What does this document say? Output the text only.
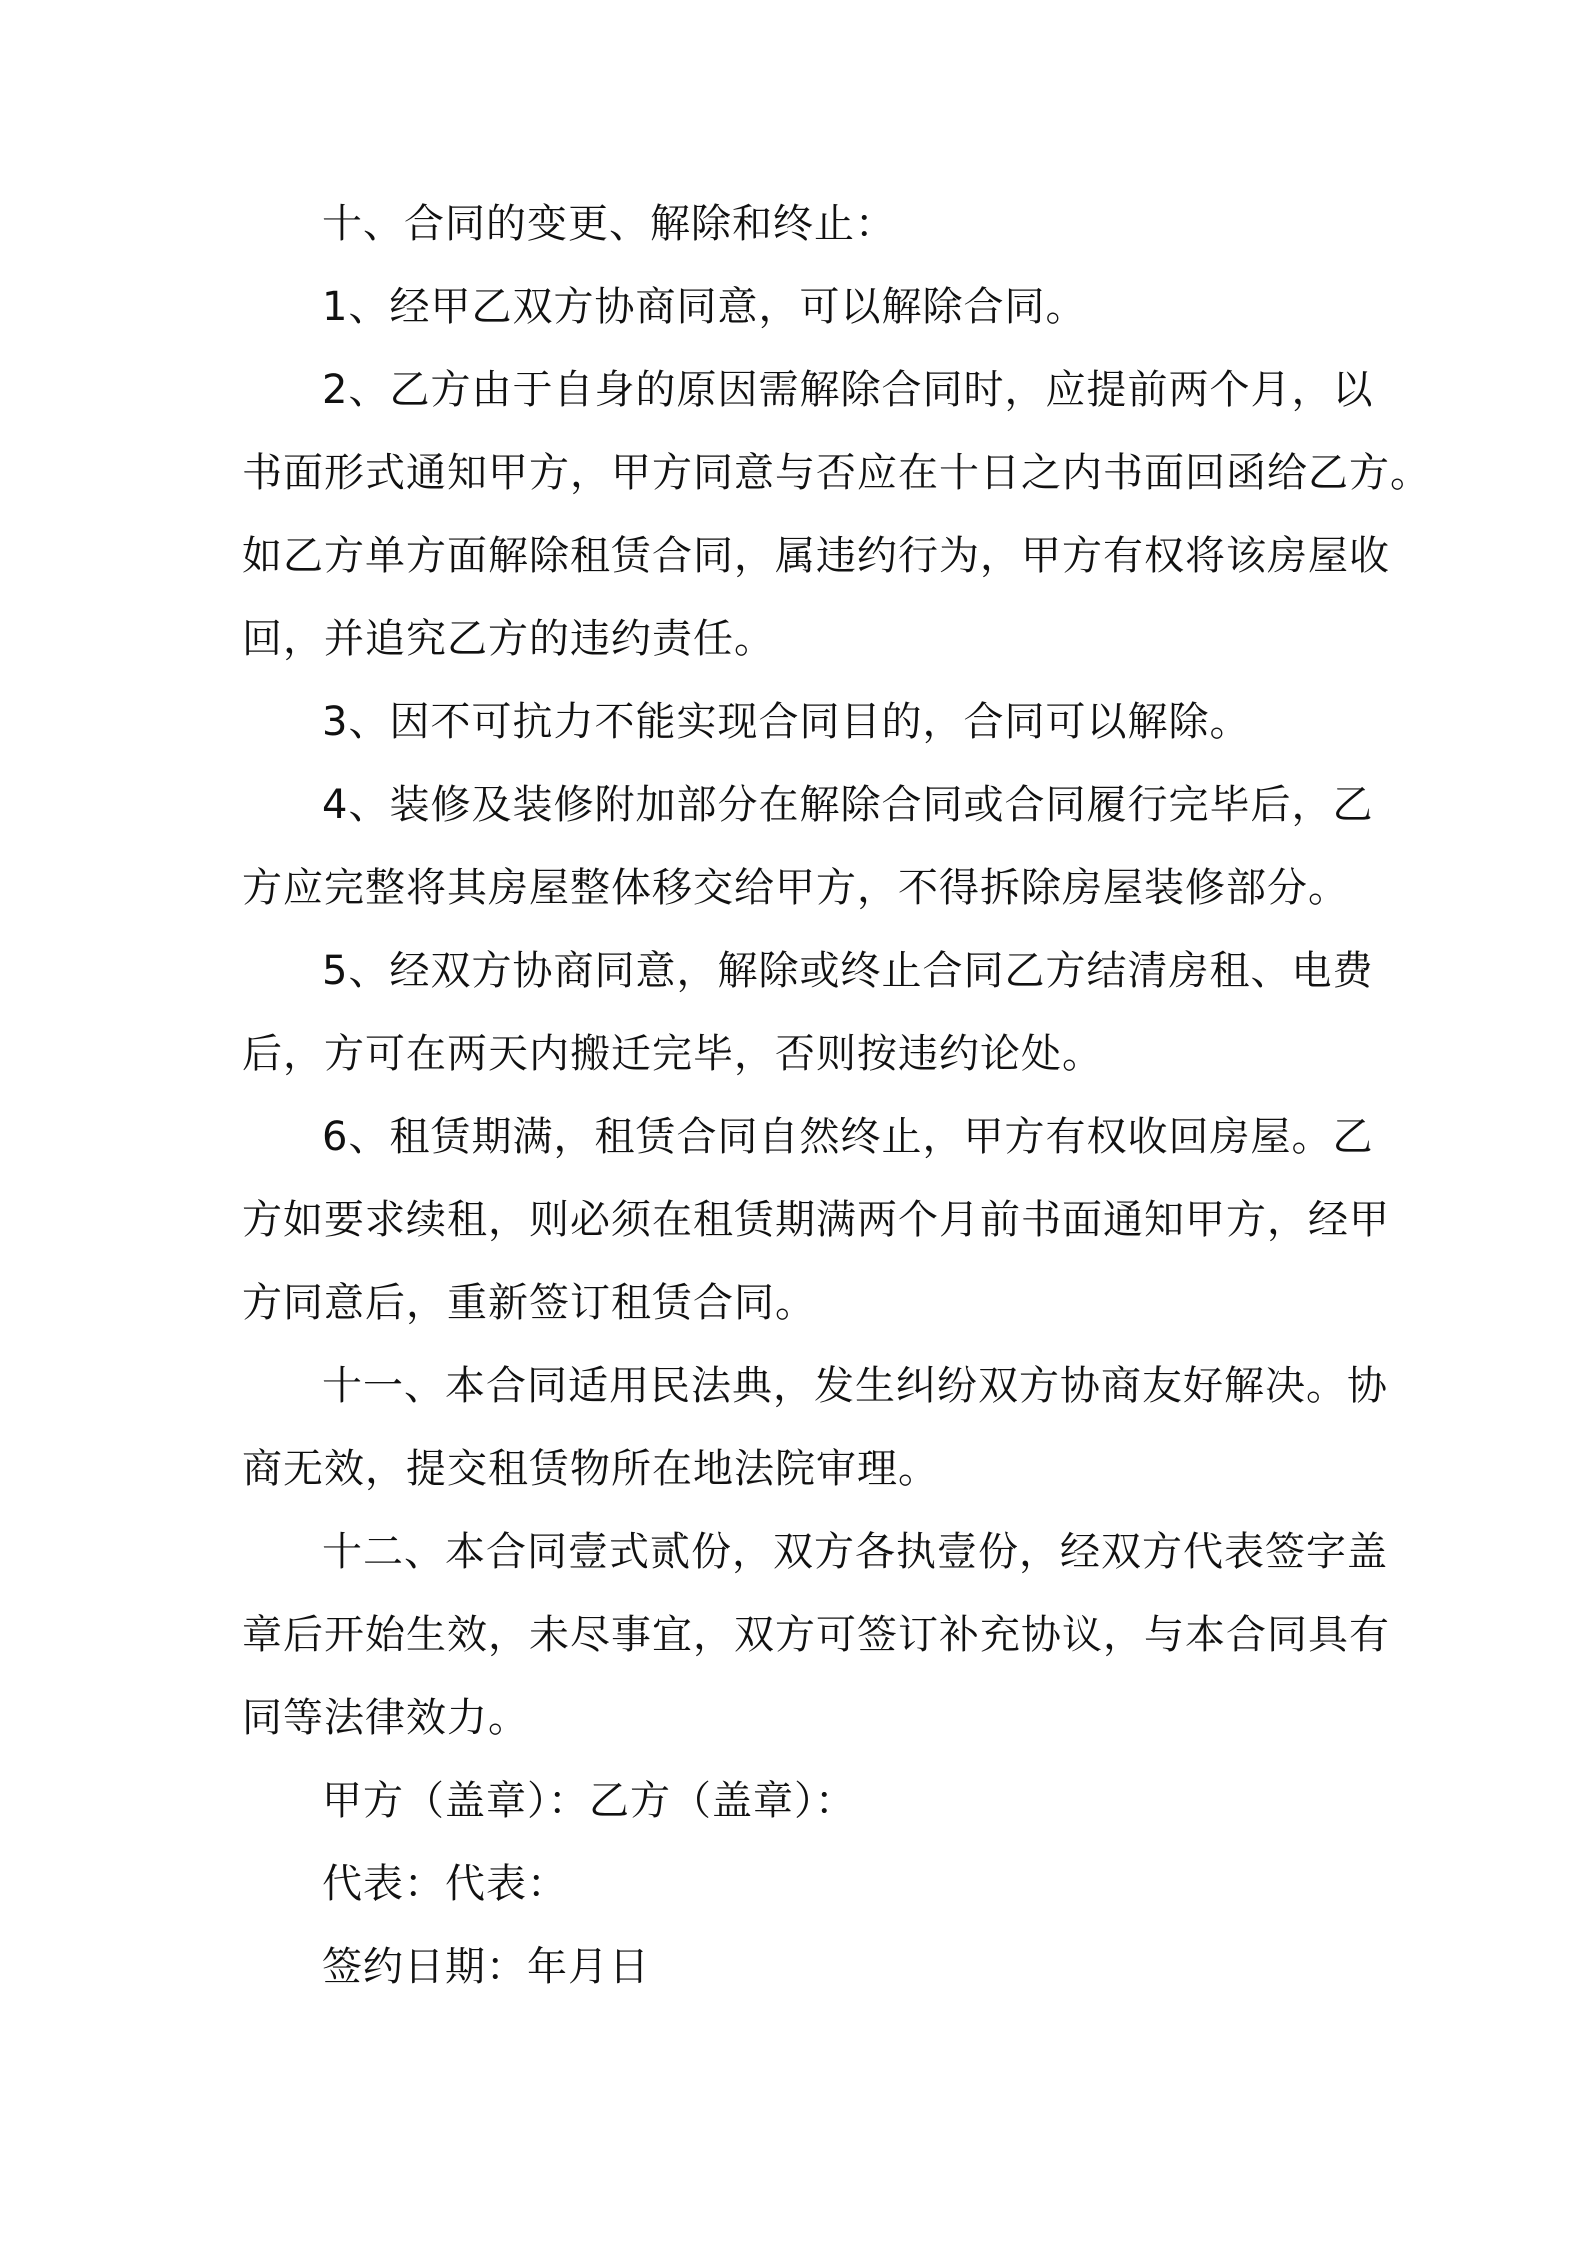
十、合同的变更、解除和终止：
1、经甲乙双方协商同意，可以解除合同。
2、乙方由于自身的原因需解除合同时，应提前两个月，以
书面形式通知甲方，甲方同意与否应在十日之内书面回函给乙方。
如乙方单方面解除租赁合同，属违约行为，甲方有权将该房屋收
回，并追究乙方的违约责任。
3、因不可抗力不能实现合同目的，合同可以解除。
4、装修及装修附加部分在解除合同或合同履行完毕后，乙
方应完整将其房屋整体移交给甲方，不得拆除房屋装修部分。
5、经双方协商同意，解除或终止合同乙方结清房租、电费
后，方可在两天内搬迁完毕，否则按违约论处。
6、租赁期满，租赁合同自然终止，甲方有权收回房屋。乙
方如要求续租，则必须在租赁期满两个月前书面通知甲方，经甲
方同意后，重新签订租赁合同。
十一、本合同适用民法典，发生纠纷双方协商友好解决。协
商无效，提交租赁物所在地法院审理。
十二、本合同壹式贰份，双方各执壹份，经双方代表签字盖
章后开始生效，未尽事宜，双方可签订补充协议，与本合同具有
同等法律效力。
甲方（盖章）：乙方（盖章）：
代表：代表：
签约日期：年月日
